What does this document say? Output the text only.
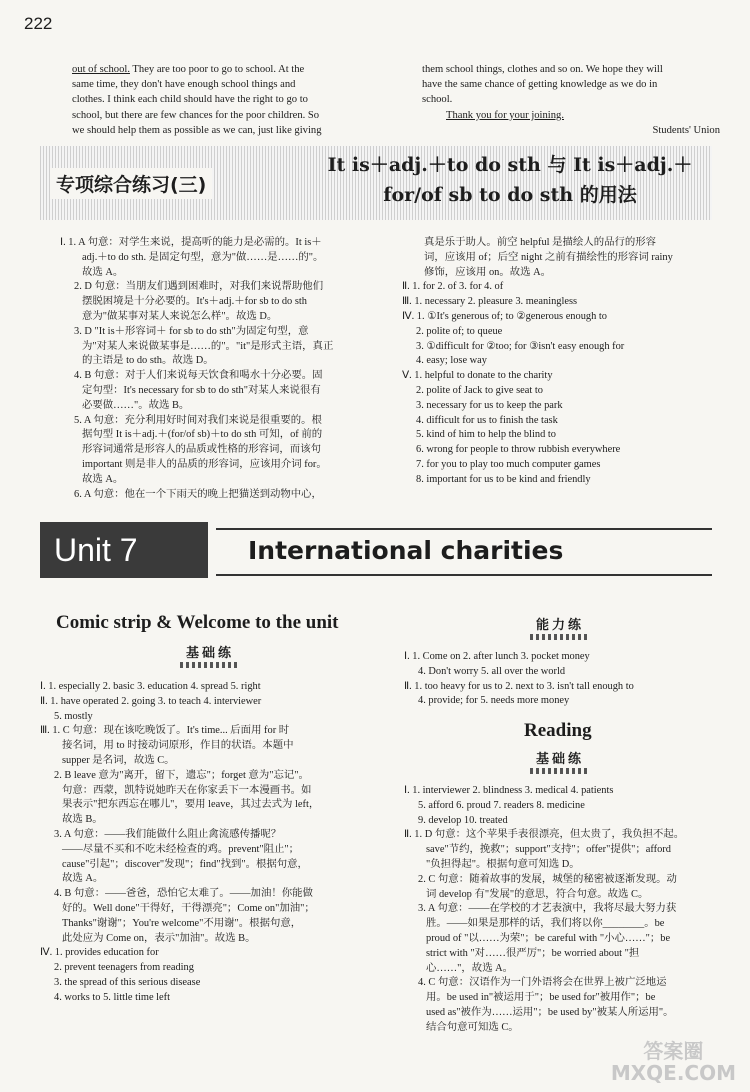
222

out of school. They are too poor to go to school. At the

same time, they don't have enough school things and

clothes. I think each child should have the right to go to

school, but there are few chances for the poor children. So

we should help them as possible as we can, just like giving

them school things, clothes and so on. We hope they will

have the same chance of getting knowledge as we do in

school.

Thank you for your joining.

Students' Union

专项综合练习(三)
It is＋adj.＋to do sth 与 It is＋adj.＋
for/of sb to do sth 的用法
Ⅰ. 1. A 句意：对学生来说，提高听的能力是必需的。It is＋
adj.＋to do sth. 是固定句型，意为"做……是……的"。
故选 A。
2. D 句意：当朋友们遇到困难时，对我们来说帮助他们
摆脱困境是十分必要的。It's＋adj.＋for sb to do sth
意为"做某事对某人来说怎么样"。故选 D。
3. D "It is＋形容词＋ for sb to do sth"为固定句型，意
为"对某人来说做某事是……的"。"it"是形式主语，真正
的主语是 to do sth。故选 D。
4. B 句意：对于人们来说每天饮食和喝水十分必要。固
定句型：It's necessary for sb to do sth"对某人来说很有
必要做……"。故选 B。
5. A 句意：充分利用好时间对我们来说是很重要的。根
据句型 It is＋adj.＋(for/of sb)＋to do sth 可知，of 前的
形容词通常是形容人的品质或性格的形容词，而该句
important 则是非人的品质的形容词，应该用介词 for。
故选 A。
6. A 句意：他在一个下雨天的晚上把猫送到动物中心，
真是乐于助人。前空 helpful 是描绘人的品行的形容
词，应该用 of；后空 night 之前有描绘性的形容词 rainy
修饰，应该用 on。故选 A。
Ⅱ. 1. for 2. of 3. for 4. of
Ⅲ. 1. necessary 2. pleasure 3. meaningless
Ⅳ. 1. ①It's generous of; to ②generous enough to
2. polite of; to queue
3. ①difficult for ②too; for ③isn't easy enough for
4. easy; lose way
Ⅴ. 1. helpful to donate to the charity
2. polite of Jack to give seat to
3. necessary for us to keep the park
4. difficult for us to finish the task
5. kind of him to help the blind to
6. wrong for people to throw rubbish everywhere
7. for you to play too much computer games
8. important for us to be kind and friendly
Unit 7	International charities
Comic strip & Welcome to the unit
基础练
Ⅰ. 1. especially 2. basic 3. education 4. spread 5. right
Ⅱ. 1. have operated 2. going 3. to teach 4. interviewer
5. mostly
Ⅲ. 1. C 句意：现在该吃晚饭了。It's time... 后面用 for 时
接名词，用 to 时接动词原形，作目的状语。本题中
supper 是名词，故选 C。
2. B leave 意为"离开，留下，遗忘"；forget 意为"忘记"。
句意：西蒙，凯特说她昨天在你家丢下一本漫画书。如
果表示"把东西忘在哪儿"，要用 leave，其过去式为 left，
故选 B。
3. A 句意：——我们能做什么阻止禽流感传播呢？
——尽量不买和不吃未经检查的鸡。prevent"阻止"；
cause"引起"；discover"发现"；find"找到"。根据句意，
故选 A。
4. B 句意：——爸爸，恐怕它太难了。——加油！你能做
好的。Well done"干得好，干得漂亮"；Come on"加油"；
Thanks"谢谢"；You're welcome"不用谢"。根据句意，
此处应为 Come on，表示"加油"。故选 B。
Ⅳ. 1. provides education for
2. prevent teenagers from reading
3. the spread of this serious disease
4. works to 5. little time left
能力练
Ⅰ. 1. Come on 2. after lunch 3. pocket money
4. Don't worry 5. all over the world
Ⅱ. 1. too heavy for us to 2. next to 3. isn't tall enough to
4. provide; for 5. needs more money
Reading
基础练
Ⅰ. 1. interviewer 2. blindness 3. medical 4. patients
5. afford 6. proud 7. readers 8. medicine
9. develop 10. treated
Ⅱ. 1. D 句意：这个苹果手表很漂亮，但太贵了，我负担不起。
save"节约，挽救"；support"支持"；offer"提供"；afford
"负担得起"。根据句意可知选 D。
2. C 句意：随着故事的发展，城堡的秘密被逐渐发现。动
词 develop 有"发展"的意思，符合句意。故选 C。
3. A 句意：——在学校的才艺表演中，我将尽最大努力获
胜。——如果是那样的话，我们将以你________。be
proud of "以……为荣"；be careful with "小心……"；be
strict with "对……很严厉"；be worried about "担
心……"，故选 A。
4. C 句意：汉语作为一门外语将会在世界上被广泛地运
用。be used in"被运用于"；be used for"被用作"；be
used as"被作为……运用"；be used by"被某人所运用"。
结合句意可知选 C。
答案圈
MXQE.COM
